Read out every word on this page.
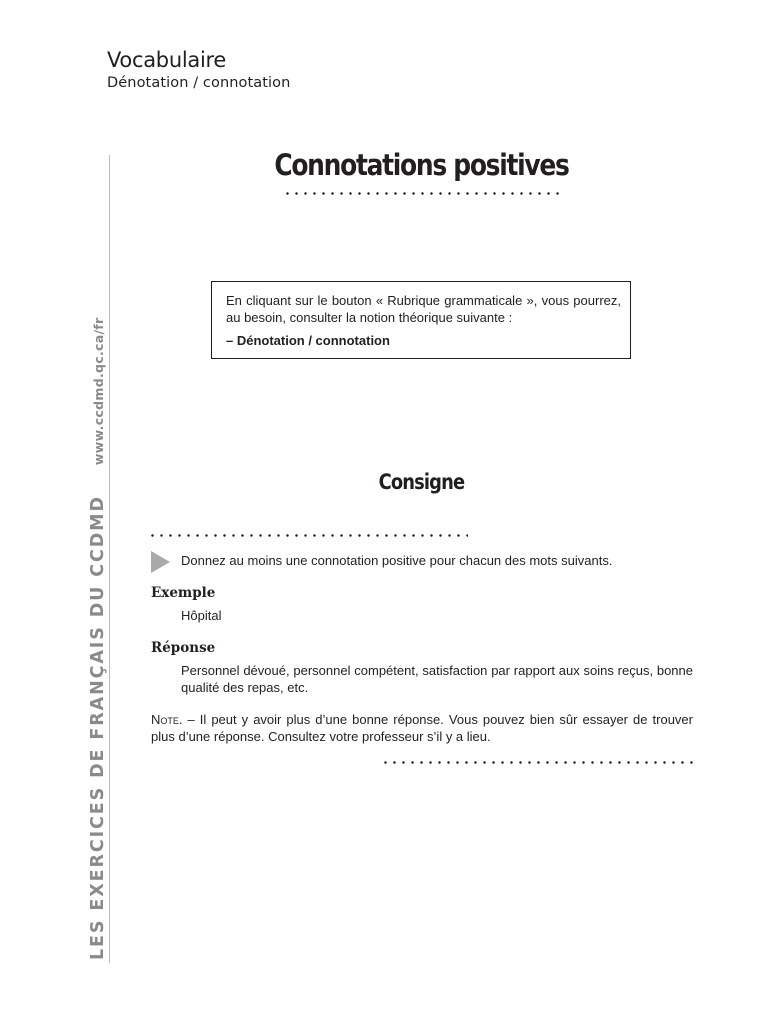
Vocabulaire
Dénotation / connotation
LES EXERCICES DE FRANÇAIS DU CCDMDwww.ccdmd.qc.ca/fr
Connotations positives
En cliquant sur le bouton « Rubrique grammaticale », vous pourrez, au besoin, consulter la notion théorique suivante :
– Dénotation / connotation
Consigne
Donnez au moins une connotation positive pour chacun des mots suivants.
Exemple
Hôpital
Réponse
Personnel dévoué, personnel compétent, satisfaction par rapport aux soins reçus, bonne qualité des repas, etc.
Note. – Il peut y avoir plus d’une bonne réponse. Vous pouvez bien sûr essayer de trouver plus d’une réponse. Consultez votre professeur s’il y a lieu.
